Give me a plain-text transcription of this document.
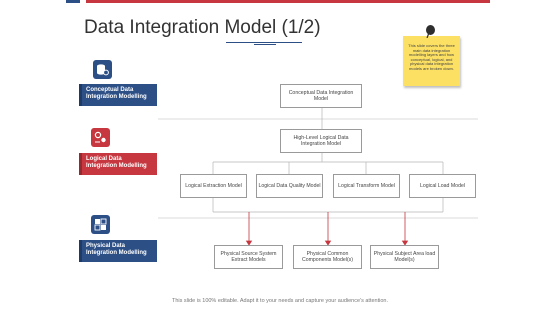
Data Integration Model (1/2)
This slide covers the three main data integration modelling layers and how conceptual, logical, and physical data integration models are broken down.
Conceptual Data Integration Modelling
Logical Data Integration Modelling
Physical Data Integration Modelling
Conceptual Data Integration Model
High-Level Logical Data Integration Model
Logical Extraction Model	Logical Data Quality Model	Logical Transform Model	Logical Load Model
Physical Source System Extract Models
Physical Common Components Model(s)
Physical Subject Area load Model(s)
This slide is 100% editable. Adapt it to your needs and capture your audience's attention.
